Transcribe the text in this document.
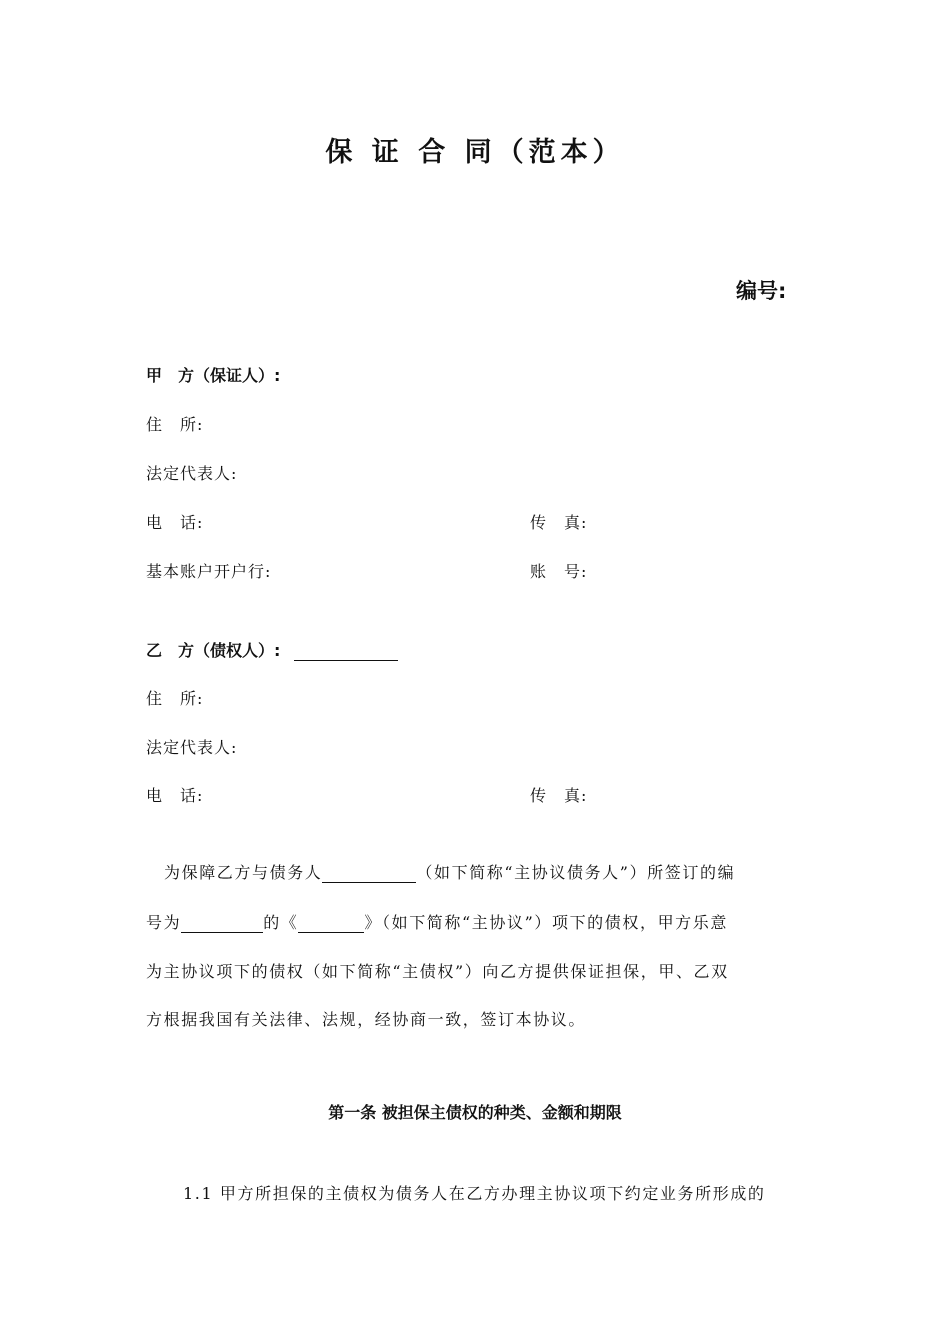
保 证 合 同（范本）
编号:
甲　方（保证人）:
住　所:
法定代表人:
电　话:	传　真:
基本账户开户行:	账　号:
乙　方（债权人）:
住　所:
法定代表人:
电　话:	传　真:
为保障乙方与债务人	（如下简称“主协议债务人”）所签订的编
号为	的《	》（如下简称“主协议”）项下的债权，甲方乐意
为主协议项下的债权（如下简称“主债权”）向乙方提供保证担保，甲、乙双
方根据我国有关法律、法规，经协商一致，签订本协议。
第一条 被担保主债权的种类、金额和期限
1.1 甲方所担保的主债权为债务人在乙方办理主协议项下约定业务所形成的
